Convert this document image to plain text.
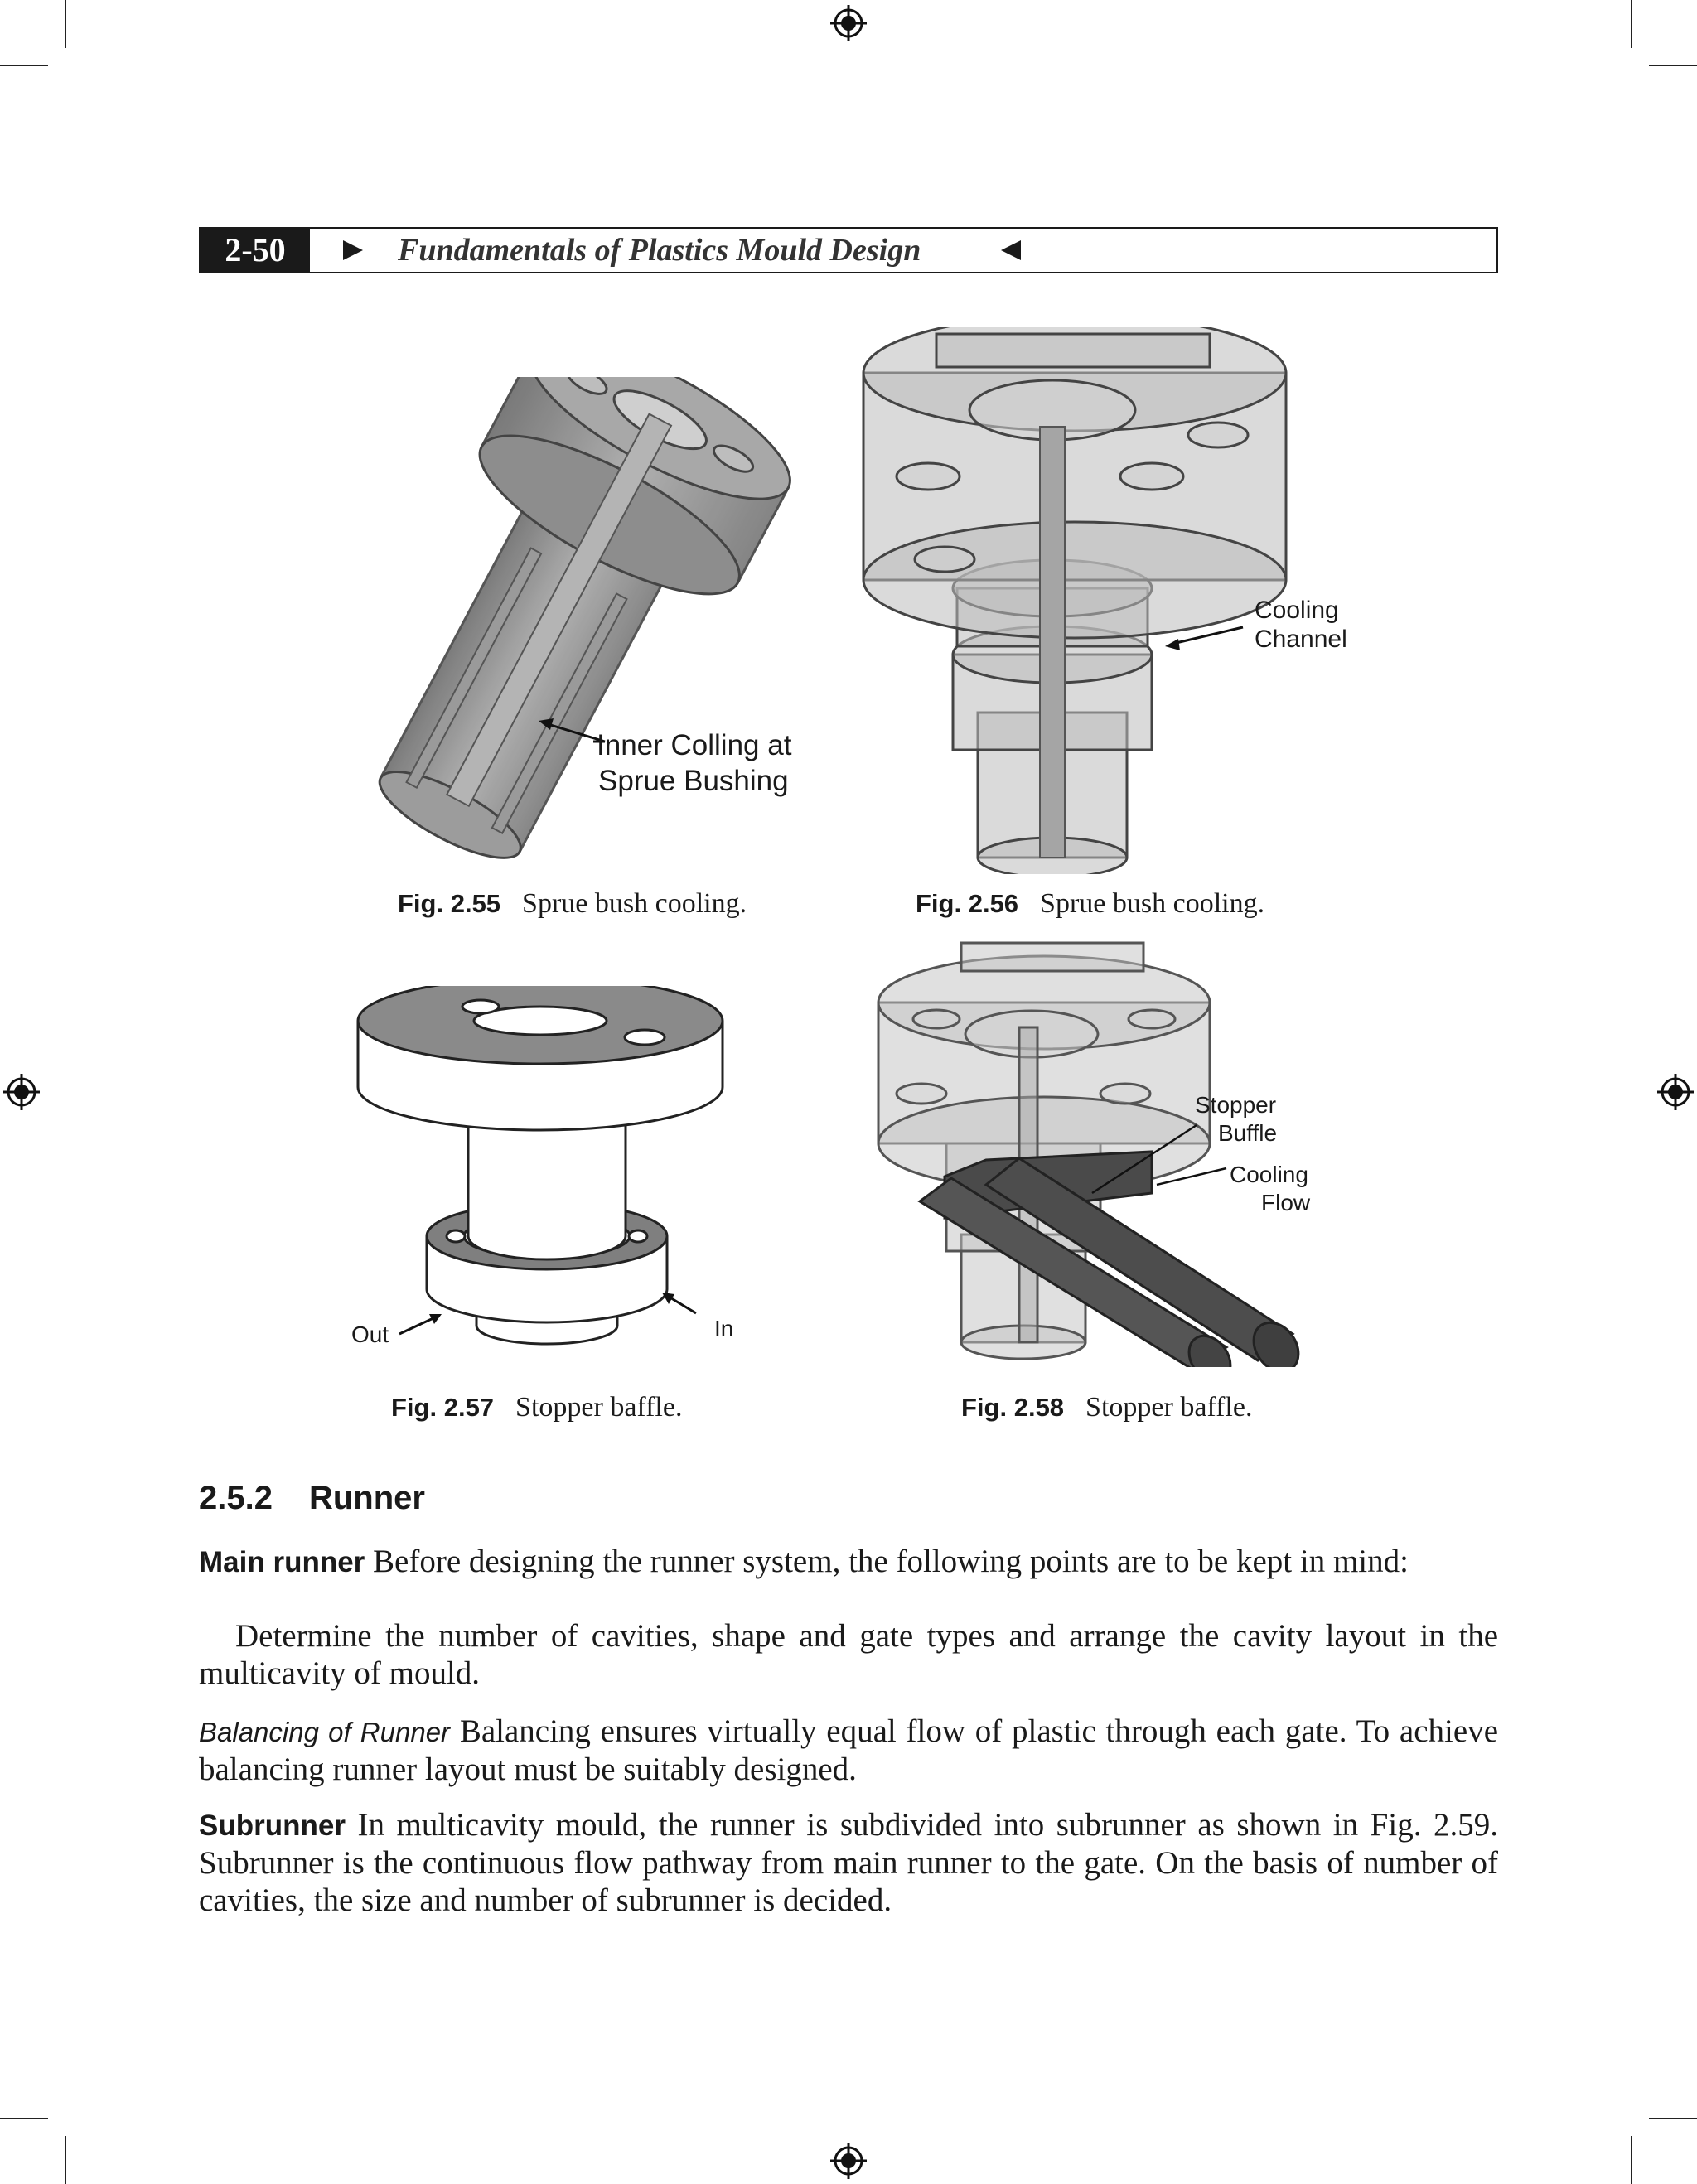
2-50	Fundamentals of Plastics Mould Design
Inner Colling at
Sprue Bushing
Fig. 2.55 Sprue bush cooling.
Cooling
Channel
Fig. 2.56 Sprue bush cooling.
Out	In
Fig. 2.57 Stopper baffle.
Stopper
Buffle
Cooling
Flow
Fig. 2.58 Stopper baffle.
2.5.2 Runner
Main runner Before designing the runner system, the following points are to be kept in mind:
Determine the number of cavities, shape and gate types and arrange the cavity layout in the multicavity of mould.
Balancing of Runner Balancing ensures virtually equal flow of plastic through each gate. To achieve balancing runner layout must be suitably designed.
Subrunner In multicavity mould, the runner is subdivided into subrunner as shown in Fig. 2.59. Subrunner is the continuous flow pathway from main runner to the gate. On the basis of number of cavities, the size and number of subrunner is decided.
